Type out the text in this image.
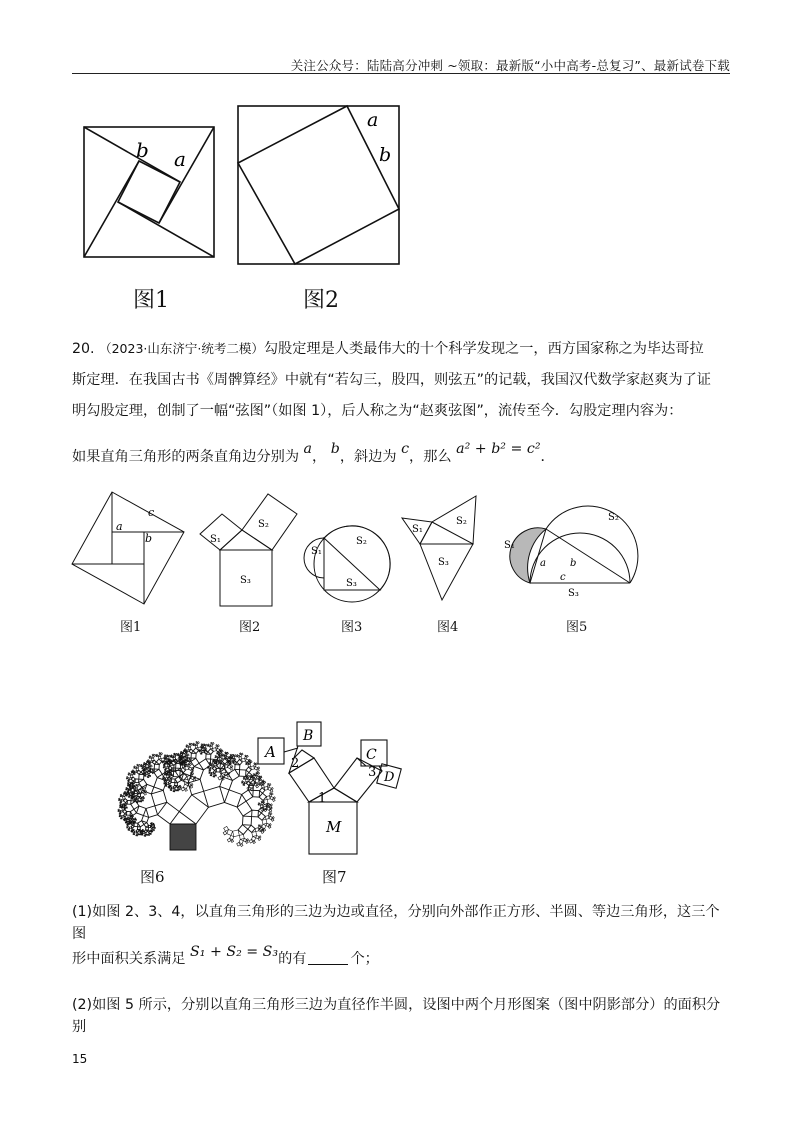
关注公众号：陆陆高分冲刺 ~领取：最新版“小中高考-总复习”、最新试卷下载
b a
图1
a
b
图2
20. （2023·山东济宁·统考二模）勾股定理是人类最伟大的十个科学发现之一，西方国家称之为毕达哥拉
斯定理．在我国古书《周髀算经》中就有“若勾三，股四，则弦五”的记载，我国汉代数学家赵爽为了证
明勾股定理，创制了一幅“弦图”（如图 1），后人称之为“赵爽弦图”，流传至今．勾股定理内容为：
如果直角三角形的两条直角边分别为 a， b，斜边为 c，那么 a² + b² = c²．
a
c
b
图1
S₂
S₁
S₃
图2
S₁
S₂
S₃
图3
S₁
S₂
S₃
图4
S₂
S₁
a b
c
S₃
图5
图6
A
B
C
D
M
1
2
3
图7
(1)如图 2、3、4，以直角三角形的三边为边或直径，分别向外部作正方形、半圆、等边三角形，这三个图
形中面积关系满足 S₁ + S₂ = S₃的有	个；
(2)如图 5 所示，分别以直角三角形三边为直径作半圆，设图中两个月形图案（图中阴影部分）的面积分别
15
